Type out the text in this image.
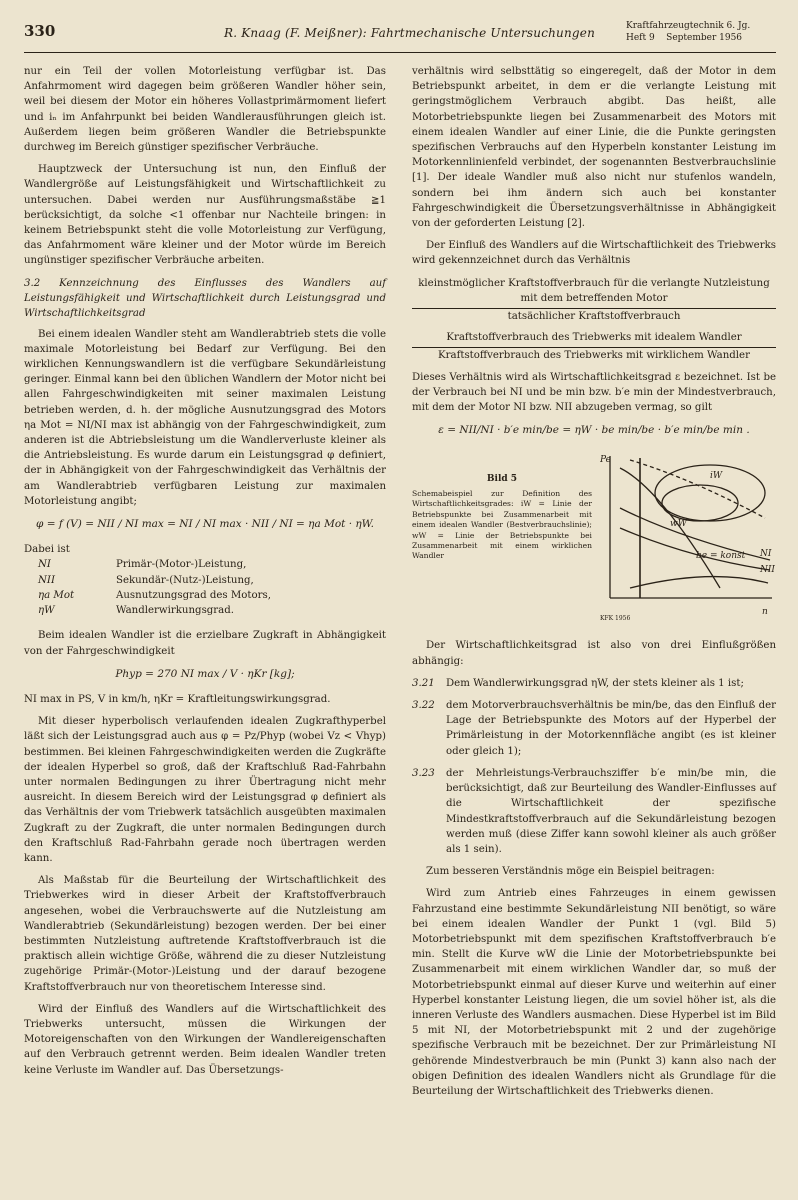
330	R. Knaag (F. Meißner): Fahrtmechanische Untersuchungen	Kraftfahrzeugtechnik 6. Jg.
Heft 9    September 1956

nur ein Teil der vollen Motorleistung verfügbar ist. Das Anfahrmoment wird dagegen beim größeren Wandler höher sein, weil bei diesem der Motor ein höheres Vollastprimärmoment liefert und iₙ im Anfahrpunkt bei beiden Wandlerausführungen gleich ist. Außerdem liegen beim größeren Wandler die Betriebspunkte durchweg im Bereich günstiger spezifischer Verbräuche.

Hauptzweck der Untersuchung ist nun, den Einfluß der Wandlergröße auf Leistungsfähigkeit und Wirtschaftlichkeit zu untersuchen. Dabei werden nur Ausführungsmaßstäbe ≧1 berücksichtigt, da solche <1 offenbar nur Nachteile bringen: in keinem Betriebspunkt steht die volle Motorleistung zur Verfügung, das Anfahrmoment wäre kleiner und der Motor würde im Bereich ungünstiger spezifischer Verbräuche arbeiten.

3.2 Kennzeichnung des Einflusses des Wandlers auf Leistungsfähigkeit und Wirtschaftlichkeit durch Leistungsgrad und Wirtschaftlichkeitsgrad

Bei einem idealen Wandler steht am Wandlerabtrieb stets die volle maximale Motorleistung bei Bedarf zur Verfügung. Bei den wirklichen Kennungswandlern ist die verfügbare Sekundärleistung geringer. Einmal kann bei den üblichen Wandlern der Motor nicht bei allen Fahrgeschwindigkeiten mit seiner maximalen Leistung betrieben werden, d. h. der mögliche Ausnutzungsgrad des Motors ηa Mot = NI/NI max ist abhängig von der Fahrgeschwindigkeit, zum anderen ist die Abtriebsleistung um die Wandlerverluste kleiner als die Antriebsleistung. Es wurde darum ein Leistungsgrad φ definiert, der in Abhängigkeit von der Fahrgeschwindigkeit das Verhältnis der am Wandlerabtrieb verfügbaren Leistung zur maximalen Motorleistung angibt;

φ = f (V) = NII / NI max = NI / NI max · NII / NI = ηa Mot · ηW.
Dabei ist
NI	Primär-(Motor-)Leistung,
NII	Sekundär-(Nutz-)Leistung,
ηa Mot	Ausnutzungsgrad des Motors,
ηW	Wandlerwirkungsgrad.

Beim idealen Wandler ist die erzielbare Zugkraft in Abhängigkeit von der Fahrgeschwindigkeit

Phyp = 270 NI max / V · ηKr [kg];

NI max in PS, V in km/h, ηKr = Kraftleitungswirkungsgrad.

Mit dieser hyperbolisch verlaufenden idealen Zugkrafthyperbel läßt sich der Leistungsgrad auch aus φ = Pz/Phyp (wobei Vz < Vhyp) bestimmen. Bei kleinen Fahrgeschwindigkeiten werden die Zugkräfte der idealen Hyperbel so groß, daß der Kraftschluß Rad-Fahrbahn unter normalen Bedingungen zu ihrer Übertragung nicht mehr ausreicht. In diesem Bereich wird der Leistungsgrad φ definiert als das Verhältnis der vom Triebwerk tatsächlich ausgeübten maximalen Zugkraft zu der Zugkraft, die unter normalen Bedingungen durch den Kraftschluß Rad-Fahrbahn gerade noch übertragen werden kann.

Als Maßstab für die Beurteilung der Wirtschaftlichkeit des Triebwerkes wird in dieser Arbeit der Kraftstoffverbrauch angesehen, wobei die Verbrauchswerte auf die Nutzleistung am Wandlerabtrieb (Sekundärleistung) bezogen werden. Der bei einer bestimmten Nutzleistung auftretende Kraftstoffverbrauch ist die praktisch allein wichtige Größe, während die zu dieser Nutzleistung zugehörige Primär-(Motor-)Leistung und der darauf bezogene Kraftstoffverbrauch nur von theoretischem Interesse sind.

Wird der Einfluß des Wandlers auf die Wirtschaftlichkeit des Triebwerks untersucht, müssen die Wirkungen der Motoreigenschaften von den Wirkungen der Wandlereigenschaften auf den Verbrauch getrennt werden. Beim idealen Wandler treten keine Verluste im Wandler auf. Das Übersetzungs-

verhältnis wird selbsttätig so eingeregelt, daß der Motor in dem Betriebspunkt arbeitet, in dem er die verlangte Leistung mit geringstmöglichem Verbrauch abgibt. Das heißt, alle Motorbetriebspunkte liegen bei Zusammenarbeit des Motors mit einem idealen Wandler auf einer Linie, die die Punkte geringsten spezifischen Verbrauchs auf den Hyperbeln konstanter Leistung im Motorkennlinienfeld verbindet, der sogenannten Bestverbrauchslinie [1]. Der ideale Wandler muß also nicht nur stufenlos wandeln, sondern bei ihm ändern sich auch bei konstanter Fahrgeschwindigkeit die Übersetzungsverhältnisse in Abhängigkeit von der geforderten Leistung [2].

Der Einfluß des Wandlers auf die Wirtschaftlichkeit des Triebwerks wird gekennzeichnet durch das Verhältnis

kleinstmöglicher Kraftstoffverbrauch für die verlangte Nutzleistung mit dem betreffenden Motor
tatsächlicher Kraftstoffverbrauch
Kraftstoffverbrauch des Triebwerks mit idealem Wandler
Kraftstoffverbrauch des Triebwerks mit wirklichem Wandler

Dieses Verhältnis wird als Wirtschaftlichkeitsgrad ε bezeichnet. Ist be der Verbrauch bei NI und be min bzw. b′e min der Mindestverbrauch, mit dem der Motor NI bzw. NII abzugeben vermag, so gilt

ε = NII/NI · b′e min/be = ηW · be min/be · b′e min/be min .
Bild 5
Schemabeispiel zur Definition des Wirtschaftlichkeitsgrades: iW = Linie der Betriebspunkte bei Zusammenarbeit mit einem idealen Wandler (Bestverbrauchslinie); wW = Linie der Betriebspunkte bei Zusammenarbeit mit einem wirklichen Wandler
Pe
n
iW
wW
be = konst NI
NII
KFK 1956

Der Wirtschaftlichkeitsgrad ist also von drei Einflußgrößen abhängig:

3.21	Dem Wandlerwirkungsgrad ηW, der stets kleiner als 1 ist;
3.22	dem Motorverbrauchsverhältnis be min/be, das den Einfluß der Lage der Betriebspunkte des Motors auf der Hyperbel der Primärleistung in der Motorkennfläche angibt (es ist kleiner oder gleich 1);
3.23	der Mehrleistungs-Verbrauchsziffer b′e min/be min, die berücksichtigt, daß zur Beurteilung des Wandler-Einflusses auf die Wirtschaftlichkeit der spezifische Mindestkraftstoffverbrauch auf die Sekundärleistung bezogen werden muß (diese Ziffer kann sowohl kleiner als auch größer als 1 sein).

Zum besseren Verständnis möge ein Beispiel beitragen:

Wird zum Antrieb eines Fahrzeuges in einem gewissen Fahrzustand eine bestimmte Sekundärleistung NII benötigt, so wäre bei einem idealen Wandler der Punkt 1 (vgl. Bild 5) Motorbetriebspunkt mit dem spezifischen Kraftstoffverbrauch b′e min. Stellt die Kurve wW die Linie der Motorbetriebspunkte bei Zusammenarbeit mit einem wirklichen Wandler dar, so muß der Motorbetriebspunkt einmal auf dieser Kurve und weiterhin auf einer Hyperbel konstanter Leistung liegen, die um soviel höher ist, als die inneren Verluste des Wandlers ausmachen. Diese Hyperbel ist im Bild 5 mit NI, der Motorbetriebspunkt mit 2 und der zugehörige spezifische Verbrauch mit be bezeichnet. Der zur Primärleistung NI gehörende Mindestverbrauch be min (Punkt 3) kann also nach der obigen Definition des idealen Wandlers nicht als Grundlage für die Beurteilung der Wirtschaftlichkeit des Triebwerks dienen.
